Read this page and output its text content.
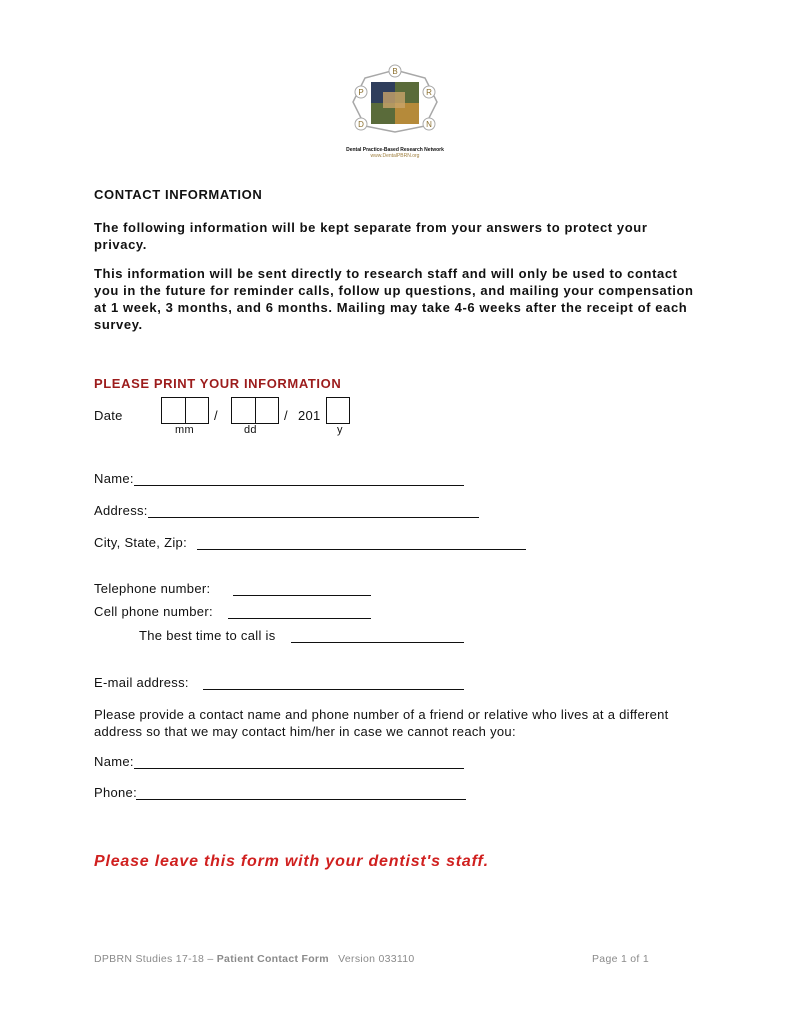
B
P	R
D	N
Dental Practice-Based Research Network
www.DentalPBRN.org
CONTACT INFORMATION
The following information will be kept separate from your answers to protect your privacy.
This information will be sent directly to research staff and will only be used to contact you in the future for reminder calls, follow up questions, and mailing your compensation at 1 week, 3 months, and 6 months. Mailing may take 4-6 weeks after the receipt of each survey.
PLEASE PRINT YOUR INFORMATION
Date	/	/ 201
mm	dd	y
Name:
Address:
City, State, Zip:
Telephone number:
Cell phone number:
The best time to call is
E-mail address:
Please provide a contact name and phone number of a friend or relative who lives at a different address so that we may contact him/her in case we cannot reach you:
Name:
Phone:
Please leave this form with your dentist's staff.
DPBRN Studies 17-18 – Patient Contact Form Version 033110	Page 1 of 1
